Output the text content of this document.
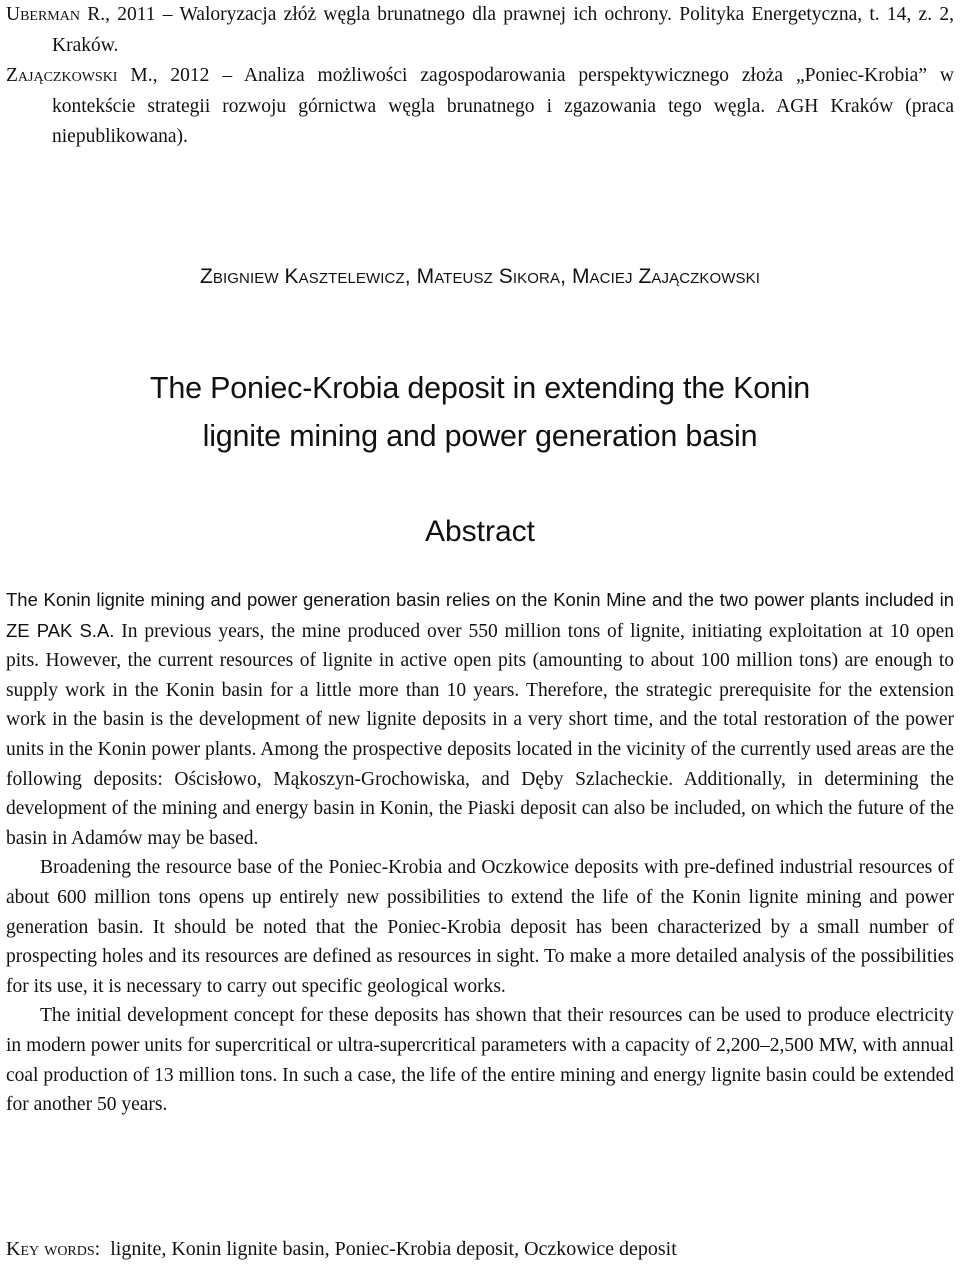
Uberman R., 2011 – Waloryzacja złóż węgla brunatnego dla prawnej ich ochrony. Polityka Energetyczna, t. 14, z. 2, Kraków.

Zajączkowski M., 2012 – Analiza możliwości zagospodarowania perspektywicznego złoża „Poniec-Krobia” w kontekście strategii rozwoju górnictwa węgla brunatnego i zgazowania tego węgla. AGH Kraków (praca niepublikowana).

Zbigniew Kasztelewicz, Mateusz Sikora, Maciej Zajączkowski
The Poniec-Krobia deposit in extending the Konin
lignite mining and power generation basin
Abstract

The Konin lignite mining and power generation basin relies on the Konin Mine and the two power plants included in ZE PAK S.A. In previous years, the mine produced over 550 million tons of lignite, initiating exploitation at 10 open pits. However, the current resources of lignite in active open pits (amounting to about 100 million tons) are enough to supply work in the Konin basin for a little more than 10 years. Therefore, the strategic prerequisite for the extension work in the basin is the development of new lignite deposits in a very short time, and the total restoration of the power units in the Konin power plants. Among the prospective deposits located in the vicinity of the currently used areas are the following deposits: Ościsłowo, Mąkoszyn-Grochowiska, and Dęby Szlacheckie. Additionally, in determining the development of the mining and energy basin in Konin, the Piaski deposit can also be included, on which the future of the basin in Adamów may be based.

Broadening the resource base of the Poniec-Krobia and Oczkowice deposits with pre-defined industrial resources of about 600 million tons opens up entirely new possibilities to extend the life of the Konin lignite mining and power generation basin. It should be noted that the Poniec-Krobia deposit has been characterized by a small number of prospecting holes and its resources are defined as resources in sight. To make a more detailed analysis of the possibilities for its use, it is necessary to carry out specific geological works.

The initial development concept for these deposits has shown that their resources can be used to produce electricity in modern power units for supercritical or ultra-supercritical parameters with a capacity of 2,200–2,500 MW, with annual coal production of 13 million tons. In such a case, the life of the entire mining and energy lignite basin could be extended for another 50 years.

Key words: lignite, Konin lignite basin, Poniec-Krobia deposit, Oczkowice deposit
